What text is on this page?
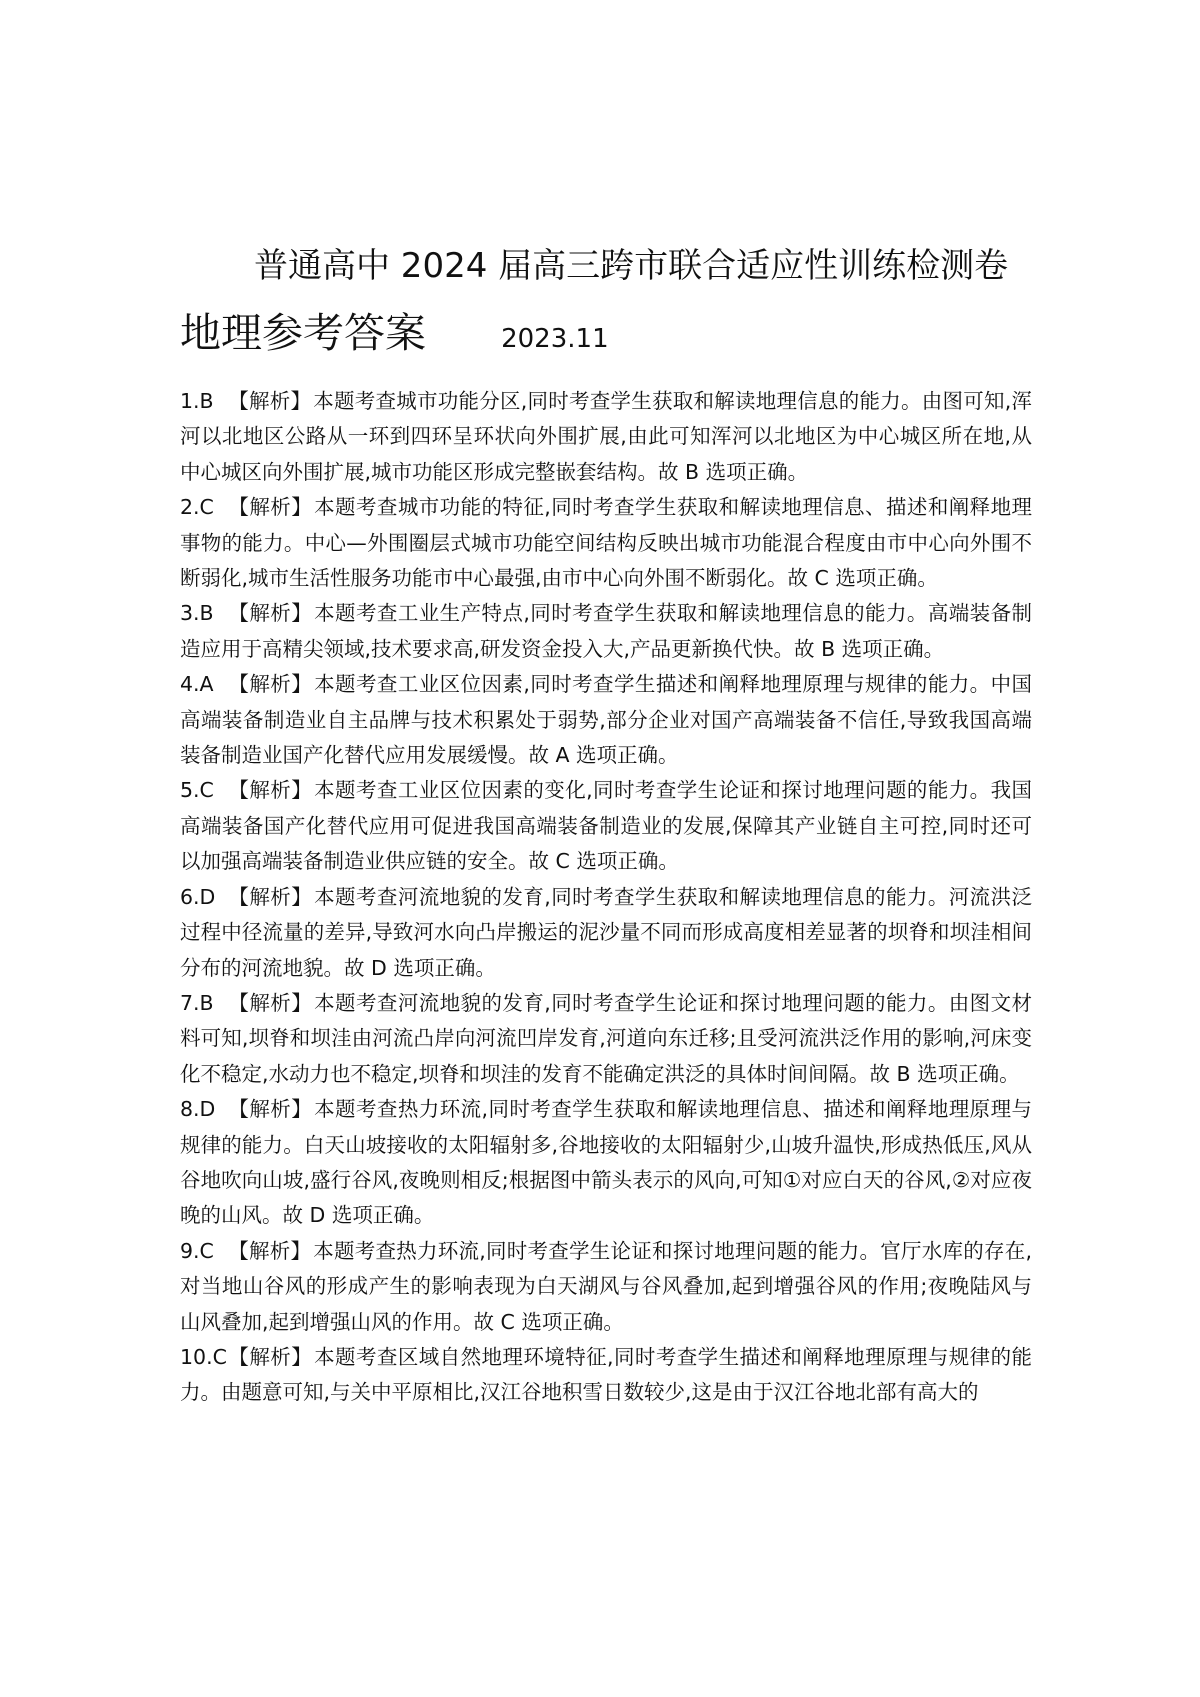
普通高中 2024 届高三跨市联合适应性训练检测卷
地理参考答案	2023.11
1.B 【解析】本题考查城市功能分区,同时考查学生获取和解读地理信息的能力。由图可知,浑河以北地区公路从一环到四环呈环状向外围扩展,由此可知浑河以北地区为中心城区所在地,从中心城区向外围扩展,城市功能区形成完整嵌套结构。故 B 选项正确。
2.C 【解析】本题考查城市功能的特征,同时考查学生获取和解读地理信息、描述和阐释地理事物的能力。中心—外围圈层式城市功能空间结构反映出城市功能混合程度由市中心向外围不断弱化,城市生活性服务功能市中心最强,由市中心向外围不断弱化。故 C 选项正确。
3.B 【解析】本题考查工业生产特点,同时考查学生获取和解读地理信息的能力。高端装备制造应用于高精尖领域,技术要求高,研发资金投入大,产品更新换代快。故 B 选项正确。
4.A 【解析】本题考查工业区位因素,同时考查学生描述和阐释地理原理与规律的能力。中国高端装备制造业自主品牌与技术积累处于弱势,部分企业对国产高端装备不信任,导致我国高端装备制造业国产化替代应用发展缓慢。故 A 选项正确。
5.C 【解析】本题考查工业区位因素的变化,同时考查学生论证和探讨地理问题的能力。我国高端装备国产化替代应用可促进我国高端装备制造业的发展,保障其产业链自主可控,同时还可以加强高端装备制造业供应链的安全。故 C 选项正确。
6.D 【解析】本题考查河流地貌的发育,同时考查学生获取和解读地理信息的能力。河流洪泛过程中径流量的差异,导致河水向凸岸搬运的泥沙量不同而形成高度相差显著的坝脊和坝洼相间分布的河流地貌。故 D 选项正确。
7.B 【解析】本题考查河流地貌的发育,同时考查学生论证和探讨地理问题的能力。由图文材料可知,坝脊和坝洼由河流凸岸向河流凹岸发育,河道向东迁移;且受河流洪泛作用的影响,河床变化不稳定,水动力也不稳定,坝脊和坝洼的发育不能确定洪泛的具体时间间隔。故 B 选项正确。
8.D 【解析】本题考查热力环流,同时考查学生获取和解读地理信息、描述和阐释地理原理与规律的能力。白天山坡接收的太阳辐射多,谷地接收的太阳辐射少,山坡升温快,形成热低压,风从谷地吹向山坡,盛行谷风,夜晚则相反;根据图中箭头表示的风向,可知①对应白天的谷风,②对应夜晚的山风。故 D 选项正确。
9.C 【解析】本题考查热力环流,同时考查学生论证和探讨地理问题的能力。官厅水库的存在,对当地山谷风的形成产生的影响表现为白天湖风与谷风叠加,起到增强谷风的作用;夜晚陆风与山风叠加,起到增强山风的作用。故 C 选项正确。
10.C【解析】本题考查区域自然地理环境特征,同时考查学生描述和阐释地理原理与规律的能力。由题意可知,与关中平原相比,汉江谷地积雪日数较少,这是由于汉江谷地北部有高大的
